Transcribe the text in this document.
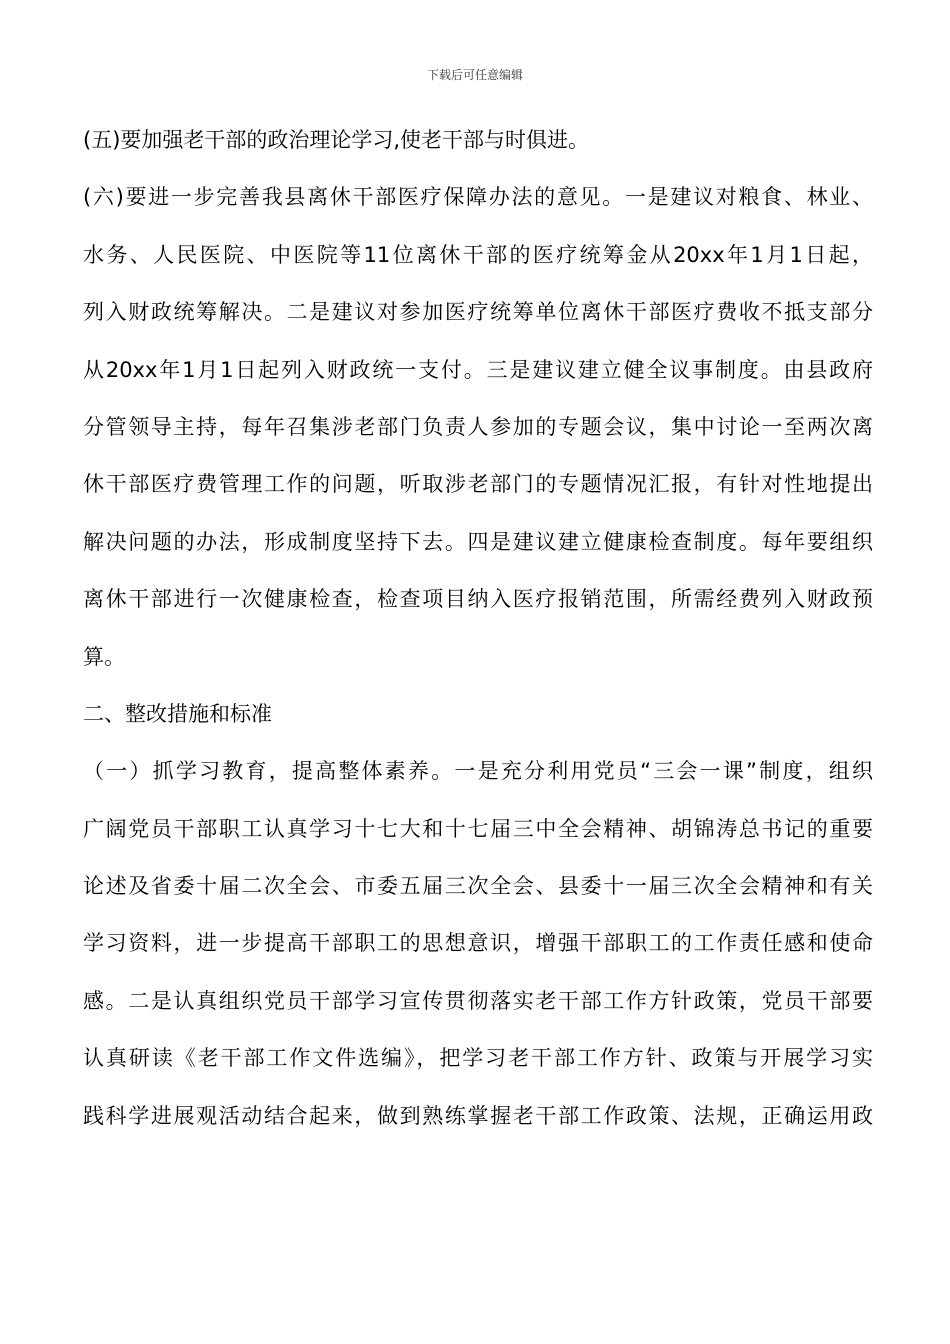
下载后可任意编辑
(五)要加强老干部的政治理论学习,使老干部与时俱进。
(六)要进一步完善我县离休干部医疗保障办法的意见。一是建议对粮食、林业、
水务、人民医院、中医院等11位离休干部的医疗统筹金从20xx年1月1日起，
列入财政统筹解决。二是建议对参加医疗统筹单位离休干部医疗费收不抵支部分
从20xx年1月1日起列入财政统一支付。三是建议建立健全议事制度。由县政府
分管领导主持，每年召集涉老部门负责人参加的专题会议，集中讨论一至两次离
休干部医疗费管理工作的问题，听取涉老部门的专题情况汇报，有针对性地提出
解决问题的办法，形成制度坚持下去。四是建议建立健康检查制度。每年要组织
离休干部进行一次健康检查，检查项目纳入医疗报销范围，所需经费列入财政预
算。
二、整改措施和标准
（一）抓学习教育，提高整体素养。一是充分利用党员“三会一课”制度，组织
广阔党员干部职工认真学习十七大和十七届三中全会精神、胡锦涛总书记的重要
论述及省委十届二次全会、市委五届三次全会、县委十一届三次全会精神和有关
学习资料，进一步提高干部职工的思想意识，增强干部职工的工作责任感和使命
感。二是认真组织党员干部学习宣传贯彻落实老干部工作方针政策，党员干部要
认真研读《老干部工作文件选编》，把学习老干部工作方针、政策与开展学习实
践科学进展观活动结合起来，做到熟练掌握老干部工作政策、法规，正确运用政
